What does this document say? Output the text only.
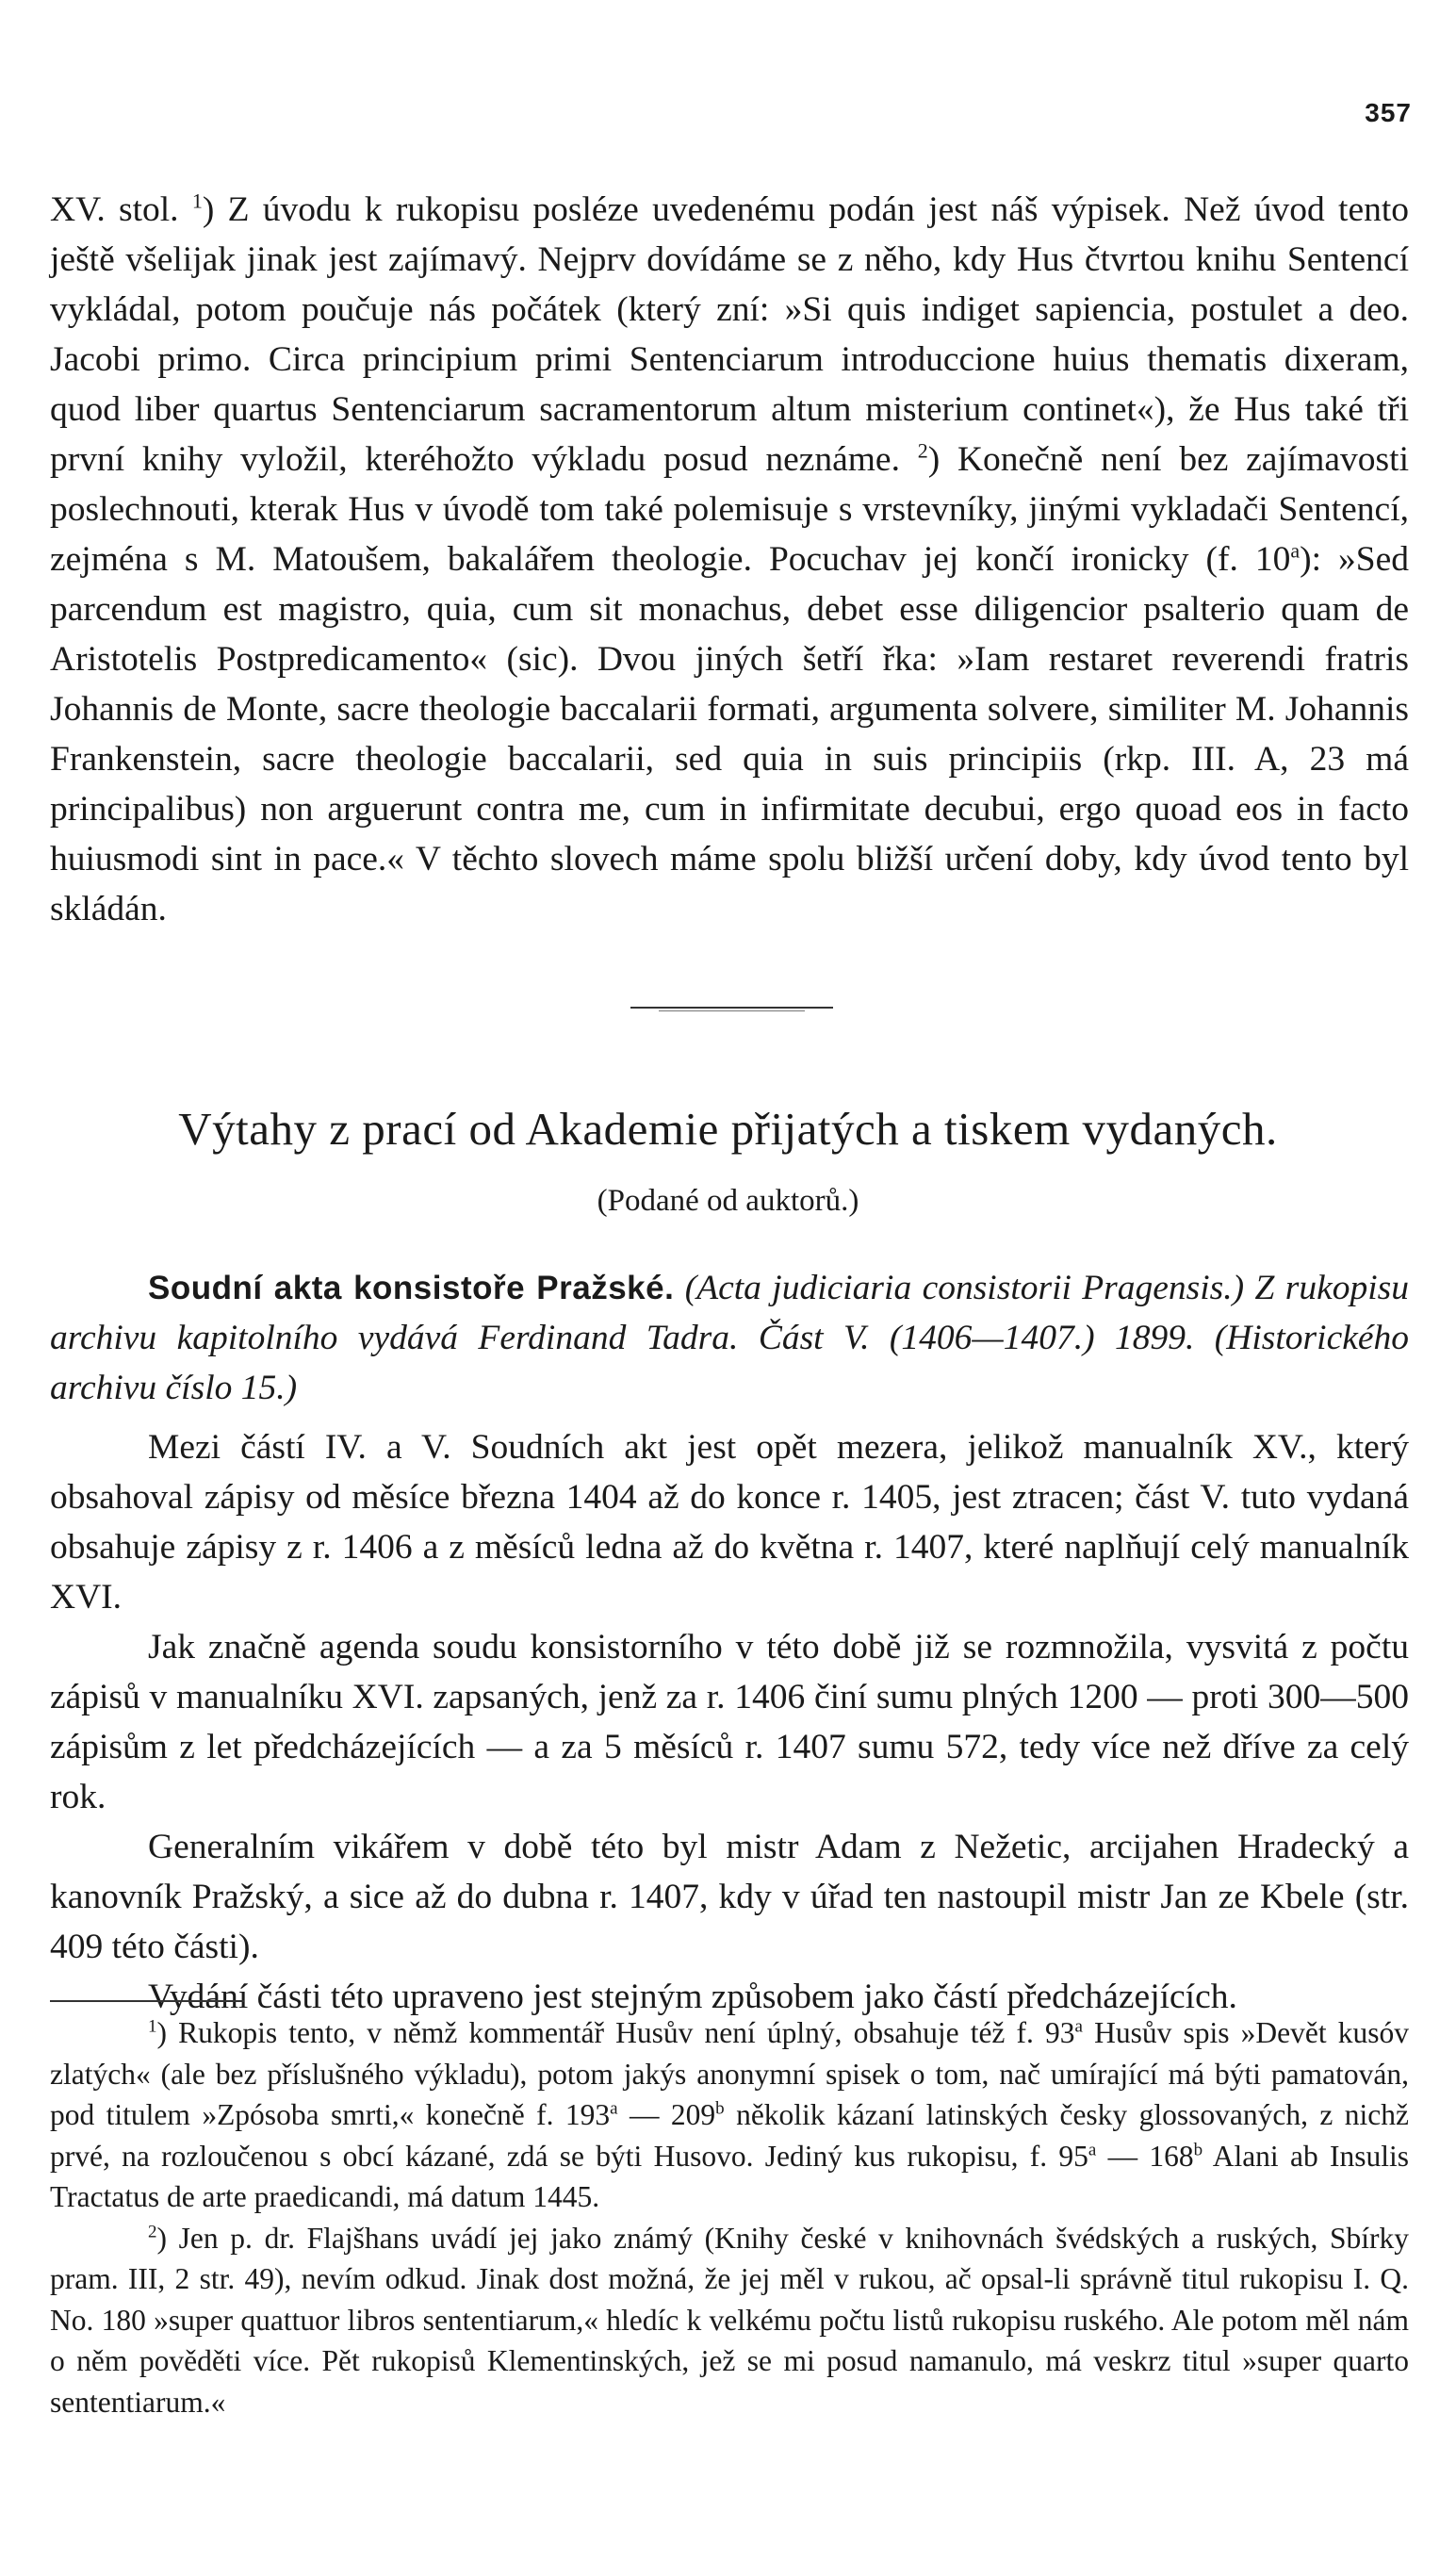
357

XV. stol. $^1$) Z úvodu k rukopisu posléze uvedenému podán jest náš výpisek. Než úvod tento ještě všelijak jinak jest zajímavý. Nejprv dovídáme se z něho, kdy Hus čtvrtou knihu Sentencí vykládal, potom poučuje nás počátek (který zní: »Si quis indiget sapiencia, postulet a deo. Jacobi primo. Circa principium primi Sentenciarum introduccione huius thematis dixeram, quod liber quartus Sentenciarum sacramentorum altum misterium continet«), že Hus také tři první knihy vyložil, kteréhožto výkladu posud neznáme. $^2$) Konečně není bez zajímavosti poslechnouti, kterak Hus v úvodě tom také polemisuje s vrstevníky, jinými vykladači Sentencí, zejména s M. Matoušem, bakalářem theologie. Pocuchav jej končí ironicky (f. 10$^a$): »Sed parcendum est magistro, quia, cum sit monachus, debet esse diligencior psalterio quam de Aristotelis Postpredicamento« (sic). Dvou jiných šetří řka: »Iam restaret reverendi fratris Johannis de Monte, sacre theologie baccalarii formati, argumenta solvere, similiter M. Johannis Frankenstein, sacre theologie baccalarii, sed quia in suis principiis (rkp. III. A, 23 má principalibus) non arguerunt contra me, cum in infirmitate decubui, ergo quoad eos in facto huiusmodi sint in pace.« V těchto slovech máme spolu bližší určení doby, kdy úvod tento byl skládán.

Výtahy z prací od Akademie přijatých a tiskem vydaných.
(Podané od auktorů.)

Soudní akta konsistoře Pražské. (Acta judiciaria consistorii Pragensis.) Z rukopisu archivu kapitolního vydává Ferdinand Tadra. Část V. (1406—1407.) 1899. (Historického archivu číslo 15.)

Mezi částí IV. a V. Soudních akt jest opět mezera, jelikož manualník XV., který obsahoval zápisy od měsíce března 1404 až do konce r. 1405, jest ztracen; část V. tuto vydaná obsahuje zápisy z r. 1406 a z měsíců ledna až do května r. 1407, které naplňují celý manualník XVI.

Jak značně agenda soudu konsistorního v této době již se rozmnožila, vysvitá z počtu zápisů v manualníku XVI. zapsaných, jenž za r. 1406 činí sumu plných 1200 — proti 300—500 zápisům z let předcházejících — a za 5 měsíců r. 1407 sumu 572, tedy více než dříve za celý rok.

Generalním vikářem v době této byl mistr Adam z Nežetic, arcijahen Hradecký a kanovník Pražský, a sice až do dubna r. 1407, kdy v úřad ten nastoupil mistr Jan ze Kbele (str. 409 této části).

Vydání části této upraveno jest stejným způsobem jako částí předcházejících.

$^1$) Rukopis tento, v němž kommentář Husův není úplný, obsahuje též f. 93$^a$ Husův spis »Devět kusóv zlatých« (ale bez příslušného výkladu), potom jakýs anonymní spisek o tom, nač umírající má býti pamatován, pod titulem »Zpósoba smrti,« konečně f. 193$^a$ — 209$^b$ několik kázaní latinských česky glossovaných, z nichž prvé, na rozloučenou s obcí kázané, zdá se býti Husovo. Jediný kus rukopisu, f. 95$^a$ — 168$^b$ Alani ab Insulis Tractatus de arte praedicandi, má datum 1445.

$^2$) Jen p. dr. Flajšhans uvádí jej jako známý (Knihy české v knihovnách švédských a ruských, Sbírky pram. III, 2 str. 49), nevím odkud. Jinak dost možná, že jej měl v rukou, ač opsal-li správně titul rukopisu I. Q. No. 180 »super quattuor libros sententiarum,« hledíc k velkému počtu listů rukopisu ruského. Ale potom měl nám o něm pověděti více. Pět rukopisů Klementinských, jež se mi posud namanulo, má veskrz titul »super quarto sententiarum.«
